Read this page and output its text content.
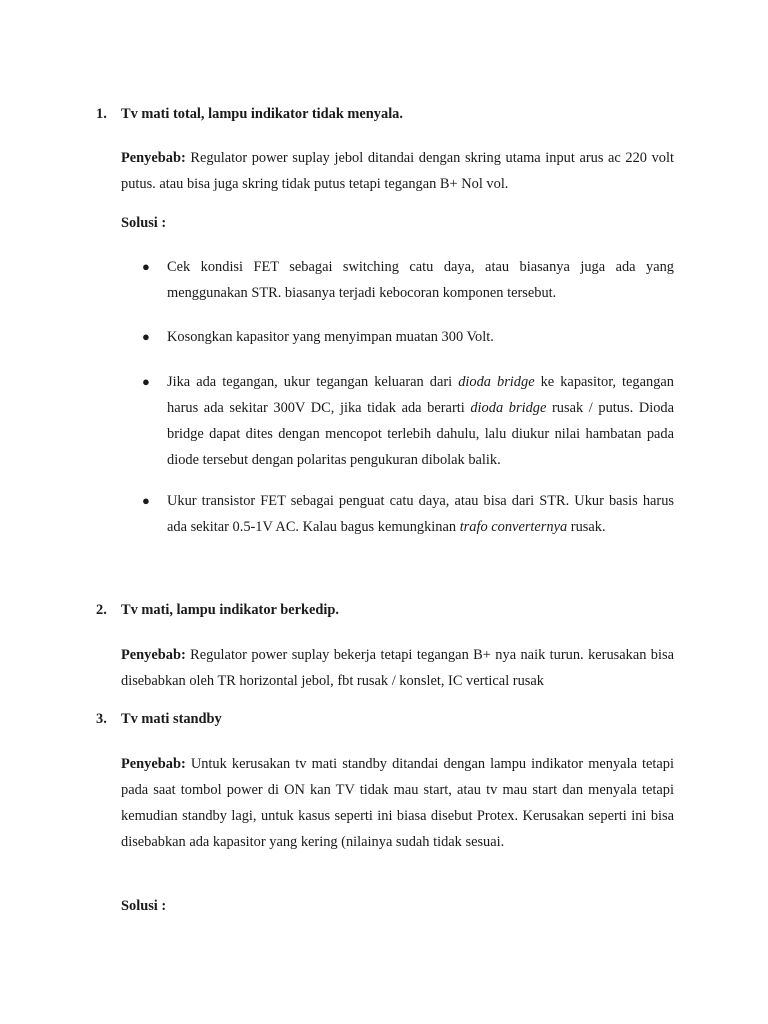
1. Tv mati total, lampu indikator tidak menyala.
Penyebab: Regulator power suplay jebol ditandai dengan skring utama input arus ac 220 volt putus. atau bisa juga skring tidak putus tetapi tegangan B+ Nol vol.
Solusi :
● Cek kondisi FET sebagai switching catu daya, atau biasanya juga ada yang menggunakan STR. biasanya terjadi kebocoran komponen tersebut.
● Kosongkan kapasitor yang menyimpan muatan 300 Volt.
● Jika ada tegangan, ukur tegangan keluaran dari dioda bridge ke kapasitor, tegangan harus ada sekitar 300V DC, jika tidak ada berarti dioda bridge rusak / putus. Dioda bridge dapat dites dengan mencopot terlebih dahulu, lalu diukur nilai hambatan pada diode tersebut dengan polaritas pengukuran dibolak balik.
● Ukur transistor FET sebagai penguat catu daya, atau bisa dari STR. Ukur basis harus ada sekitar 0.5-1V AC. Kalau bagus kemungkinan trafo converternya rusak.
2. Tv mati, lampu indikator berkedip.
Penyebab: Regulator power suplay bekerja tetapi tegangan B+ nya naik turun. kerusakan bisa disebabkan oleh TR horizontal jebol, fbt rusak / konslet, IC vertical rusak
3. Tv mati standby
Penyebab: Untuk kerusakan tv mati standby ditandai dengan lampu indikator menyala tetapi pada saat tombol power di ON kan TV tidak mau start, atau tv mau start dan menyala tetapi kemudian standby lagi, untuk kasus seperti ini biasa disebut Protex. Kerusakan seperti ini bisa disebabkan ada kapasitor yang kering (nilainya sudah tidak sesuai.
Solusi :
